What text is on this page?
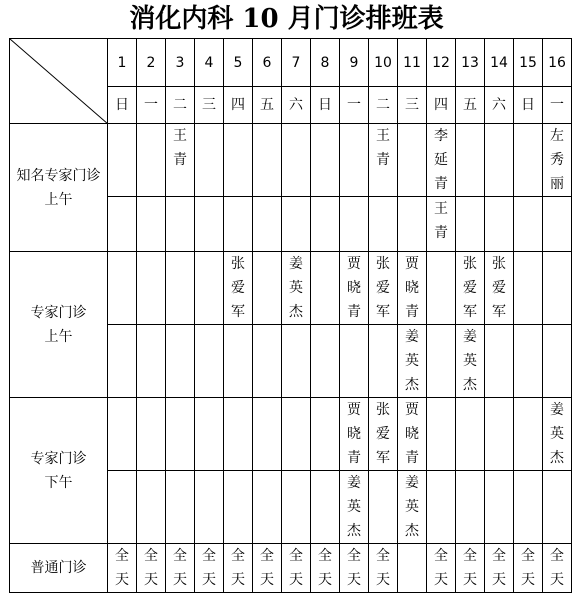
消化内科 10 月门诊排班表
	1	2	3	4	5	6	7	8	9	10	11	12	13	14	15	16
	日	一	二	三	四	五	六	日	一	二	三	四	五	六	日	一

知名专家门诊
上午			王青							王青		李延青				左秀丽

												王青				

专家门诊
上午					张爱军		姜英杰		贾晓青	张爱军	贾晓青		张爱军	张爱军		

											姜英杰		姜英杰			

专家门诊
下午									贾晓青	张爱军	贾晓青					姜英杰

									姜英杰		姜英杰					

普通门诊	全天	全天	全天	全天	全天	全天	全天	全天	全天	全天		全天	全天	全天	全天	全天
